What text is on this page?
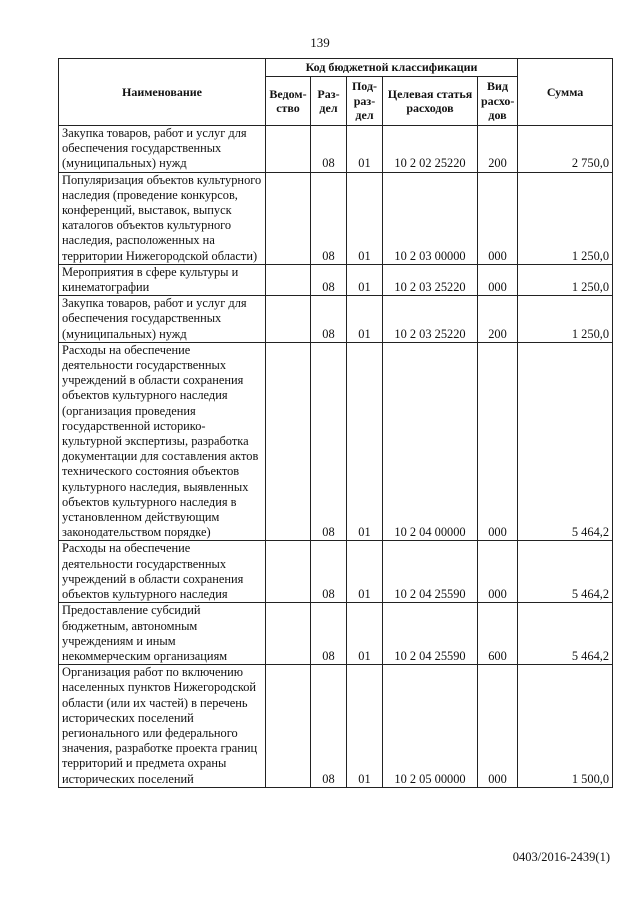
139
Наименование	Код бюджетной классификации					Сумма
	Ведом-ство	Раз-дел	Под-раз-дел	Целевая статья расходов	Вид расхо-дов	
Закупка товаров, работ и услуг для обеспечения государственных (муниципальных) нужд		08	01	10 2 02 25220	200	2 750,0
Популяризация объектов культурного наследия (проведение конкурсов, конференций, выставок, выпуск каталогов объектов культурного наследия, расположенных на территории Нижегородской области)		08	01	10 2 03 00000	000	1 250,0
Мероприятия в сфере культуры и кинематографии		08	01	10 2 03 25220	000	1 250,0
Закупка товаров, работ и услуг для обеспечения государственных (муниципальных) нужд		08	01	10 2 03 25220	200	1 250,0
Расходы на обеспечение деятельности государственных учреждений в области сохранения объектов культурного наследия (организация проведения государственной историко-культурной экспертизы, разработка документации для составления актов технического состояния объектов культурного наследия, выявленных объектов культурного наследия в установленном действующим законодательством порядке)		08	01	10 2 04 00000	000	5 464,2
Расходы на обеспечение деятельности государственных учреждений в области сохранения объектов культурного наследия		08	01	10 2 04 25590	000	5 464,2
Предоставление субсидий бюджетным, автономным учреждениям и иным некоммерческим организациям		08	01	10 2 04 25590	600	5 464,2
Организация работ по включению населенных пунктов Нижегородской области (или их частей) в перечень исторических поселений регионального или федерального значения, разработке проекта границ территорий и предмета охраны исторических поселений		08	01	10 2 05 00000	000	1 500,0
0403/2016-2439(1)
